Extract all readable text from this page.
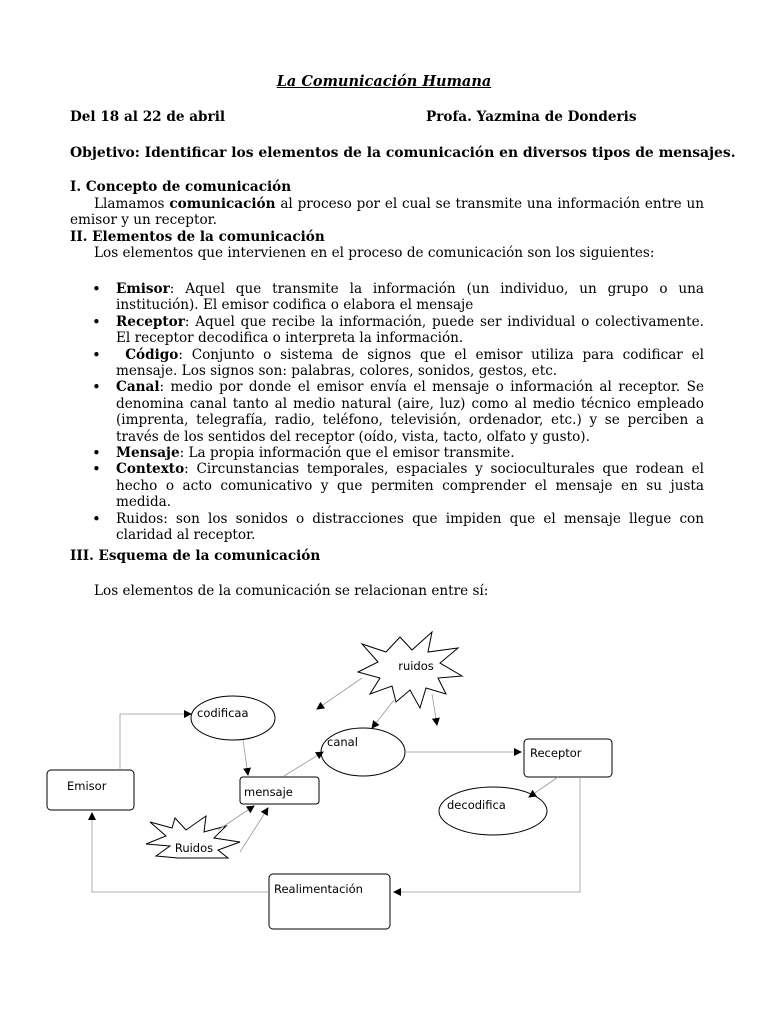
La Comunicación Humana
Del 18 al 22 de abril	Profa. Yazmina de Donderis
Objetivo: Identificar los elementos de la comunicación en diversos tipos de mensajes.
I. Concepto de comunicación
Llamamos comunicación al proceso por el cual se transmite una información entre un emisor y un receptor.
II. Elementos de la comunicación
Los elementos que intervienen en el proceso de comunicación son los siguientes:
• Emisor: Aquel que transmite la información (un individuo, un grupo o una institución). El emisor codifica o elabora el mensaje
• Receptor: Aquel que recibe la información, puede ser individual o colectivamente. El receptor decodifica o interpreta la información.
• Código: Conjunto o sistema de signos que el emisor utiliza para codificar el mensaje. Los signos son: palabras, colores, sonidos, gestos, etc.
• Canal: medio por donde el emisor envía el mensaje o información al receptor. Se denomina canal tanto al medio natural (aire, luz) como al medio técnico empleado (imprenta, telegrafía, radio, teléfono, televisión, ordenador, etc.) y se perciben a través de los sentidos del receptor (oído, vista, tacto, olfato y gusto).
• Mensaje: La propia información que el emisor transmite.
• Contexto: Circunstancias temporales, espaciales y socioculturales que rodean el hecho o acto comunicativo y que permiten comprender el mensaje en su justa medida.
• Ruidos: son los sonidos o distracciones que impiden que el mensaje llegue con claridad al receptor.
III. Esquema de la comunicación
Los elementos de la comunicación se relacionan entre sí:
ruidos
Emisor
codificaa
mensaje
canal
Receptor
decodifica
Ruidos
Realimentación
